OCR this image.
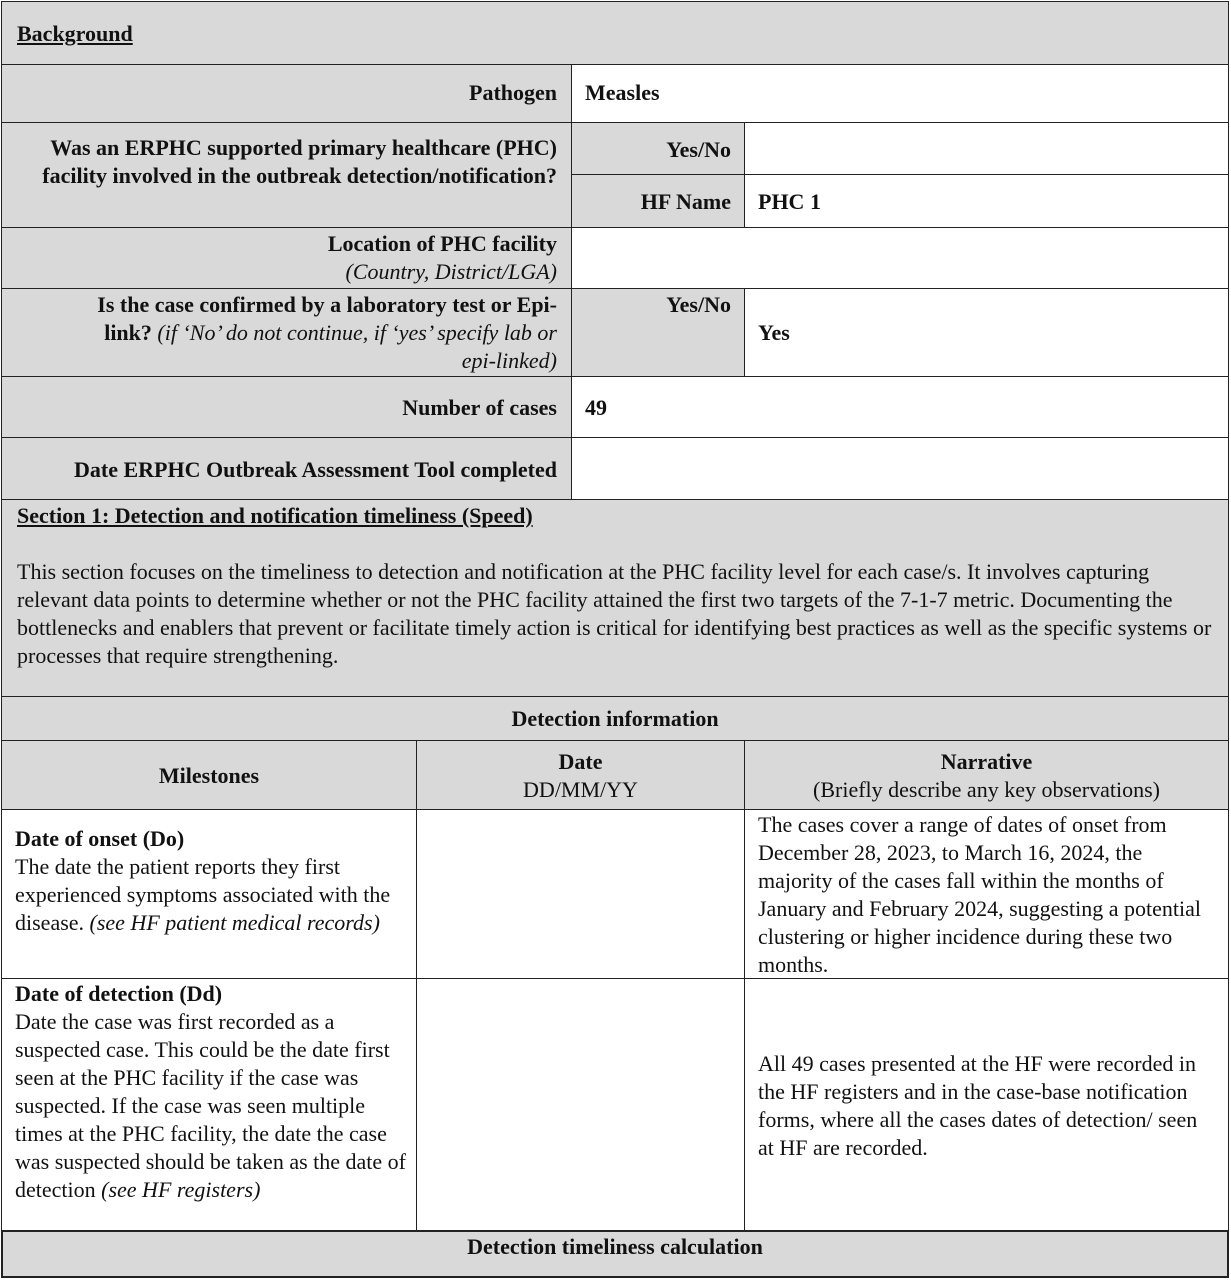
Background
Pathogen Measles
Was an ERPHC supported primary healthcare (PHC) facility involved in the outbreak detection/notification?
Yes/No
HF Name PHC 1
Location of PHC facility
(Country, District/LGA)
Is the case confirmed by a laboratory test or Epi-
link? (if ‘No’ do not continue, if ‘yes’ specify lab or
epi-linked)
Yes/No
Yes
Number of cases 49
Date ERPHC Outbreak Assessment Tool completed
Section 1: Detection and notification timeliness (Speed)
This section focuses on the timeliness to detection and notification at the PHC facility level for each case/s. It involves capturing relevant data points to determine whether or not the PHC facility attained the first two targets of the 7-1-7 metric. Documenting the bottlenecks and enablers that prevent or facilitate timely action is critical for identifying best practices as well as the specific systems or processes that require strengthening.
Detection information
Milestones
Date
DD/MM/YY
Narrative
(Briefly describe any key observations)
Date of onset (Do)
The date the patient reports they first experienced symptoms associated with the disease. (see HF patient medical records)
The cases cover a range of dates of onset from December 28, 2023, to March 16, 2024, the majority of the cases fall within the months of January and February 2024, suggesting a potential clustering or higher incidence during these two months.
Date of detection (Dd)
Date the case was first recorded as a suspected case. This could be the date first seen at the PHC facility if the case was suspected. If the case was seen multiple times at the PHC facility, the date the case was suspected should be taken as the date of detection (see HF registers)
All 49 cases presented at the HF were recorded in the HF registers and in the case-base notification forms, where all the cases dates of detection/ seen at HF are recorded.
Detection timeliness calculation
